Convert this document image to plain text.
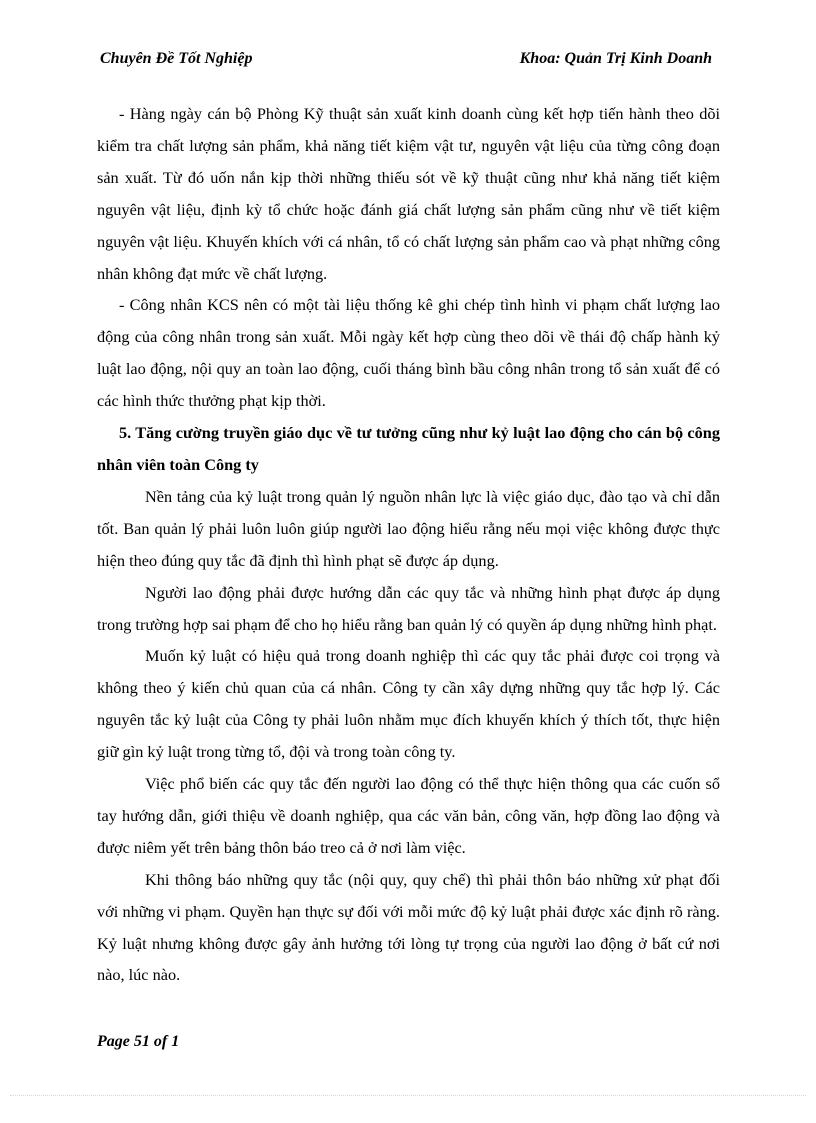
Chuyên Đề Tốt Nghiệp	Khoa: Quản Trị Kinh Doanh

- Hàng ngày cán bộ Phòng Kỹ thuật sản xuất kinh doanh cùng kết hợp tiến hành theo dõi kiểm tra chất lượng sản phẩm, khả năng tiết kiệm vật tư, nguyên vật liệu của từng công đoạn sản xuất. Từ đó uốn nắn kịp thời những thiếu sót về kỹ thuật cũng như khả năng tiết kiệm nguyên vật liệu, định kỳ tổ chức hoặc đánh giá chất lượng sản phẩm cũng như về tiết kiệm nguyên vật liệu. Khuyến khích với cá nhân, tổ có chất lượng sản phẩm cao và phạt những công nhân không đạt mức về chất lượng.

- Công nhân KCS nên có một tài liệu thống kê ghi chép tình hình vi phạm chất lượng lao động của công nhân trong sản xuất. Mỗi ngày kết hợp cùng theo dõi về thái độ chấp hành kỷ luật lao động, nội quy an toàn lao động, cuối tháng bình bầu công nhân trong tổ sản xuất để có các hình thức thưởng phạt kịp thời.

5. Tăng cường truyền giáo dục về tư tưởng cũng như kỷ luật lao động cho cán bộ công nhân viên toàn Công ty

Nền tảng của kỷ luật trong quản lý nguồn nhân lực là việc giáo dục, đào tạo và chỉ dẫn tốt. Ban quản lý phải luôn luôn giúp người lao động hiểu rằng nếu mọi việc không được thực hiện theo đúng quy tắc đã định thì hình phạt sẽ được áp dụng.

Người lao động phải được hướng dẫn các quy tắc và những hình phạt được áp dụng trong trường hợp sai phạm để cho họ hiểu rằng ban quản lý có quyền áp dụng những hình phạt.

Muốn kỷ luật có hiệu quả trong doanh nghiệp thì các quy tắc phải được coi trọng và không theo ý kiến chủ quan của cá nhân. Công ty cần xây dựng những quy tắc hợp lý. Các nguyên tắc kỷ luật của Công ty phải luôn nhằm mục đích khuyến khích ý thích tốt, thực hiện giữ gìn kỷ luật trong từng tổ, đội và trong toàn công ty.

Việc phổ biến các quy tắc đến người lao động có thể thực hiện thông qua các cuốn sổ tay hướng dẫn, giới thiệu về doanh nghiệp, qua các văn bản, công văn, hợp đồng lao động và được niêm yết trên bảng thôn báo treo cả ở nơi làm việc.

Khi thông báo những quy tắc (nội quy, quy chế) thì phải thôn báo những xử phạt đối với những vi phạm. Quyền hạn thực sự đối với mỗi mức độ kỷ luật phải được xác định rõ ràng. Kỷ luật nhưng không được gây ảnh hưởng tới lòng tự trọng của người lao động ở bất cứ nơi nào, lúc nào.

Page 51 of 1
